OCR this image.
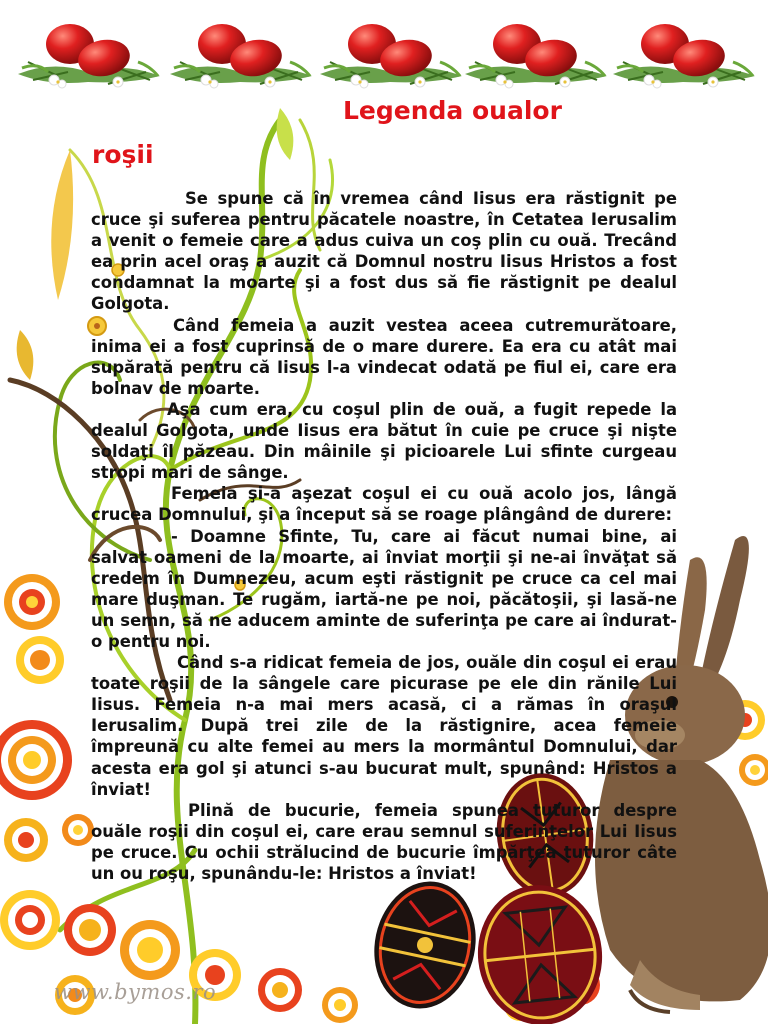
Legenda oualor
roşii

Se spune că în vremea când Iisus era răstignit pe cruce şi suferea pentru păcatele noastre, în Cetatea Ierusalim a venit o femeie care a adus cuiva un coş plin cu ouă. Trecând ea prin acel oraş a auzit că Domnul nostru Iisus Hristos a fost condamnat la moarte şi a fost dus să fie răstignit pe dealul Golgota.

Când femeia a auzit vestea aceea cutremurătoare, inima ei a fost cuprinsă de o mare durere. Ea era cu atât mai supărată pentru că Iisus l-a vindecat odată pe fiul ei, care era bolnav de moarte.

Aşa cum era, cu coşul plin de ouă, a fugit repede la dealul Golgota, unde Iisus era bătut în cuie pe cruce şi nişte soldaţi îl păzeau. Din mâinile şi picioarele Lui sfinte curgeau stropi mari de sânge.

Femeia şi-a aşezat coşul ei cu ouă acolo jos, lângă crucea Domnului, şi a început să se roage plângând de durere:

- Doamne Sfinte, Tu, care ai făcut numai bine, ai salvat oameni de la moarte, ai înviat morţii şi ne-ai învăţat să credem în Dumnezeu, acum eşti răstignit pe cruce ca cel mai mare duşman. Te rugăm, iartă-ne pe noi, păcătoşii, şi lasă-ne un semn, să ne aducem aminte de suferinţa pe care ai îndurat-o pentru noi.

Când s-a ridicat femeia de jos, ouăle din coşul ei erau toate roşii de la sângele care picurase pe ele din rănile Lui Iisus. Femeia n-a mai mers acasă, ci a rămas în oraşul Ierusalim. După trei zile de la răstignire, acea femeie împreună cu alte femei au mers la mormântul Domnului, dar acesta era gol şi atunci s-au bucurat mult, spunând: Hristos a înviat!

Plină de bucurie, femeia spunea tuturor despre ouăle roşii din coşul ei, care erau semnul suferinţelor Lui Iisus pe cruce. Cu ochii strălucind de bucurie împărţea tuturor câte un ou roşu, spunându-le: Hristos a înviat!

www.bymos.ro
